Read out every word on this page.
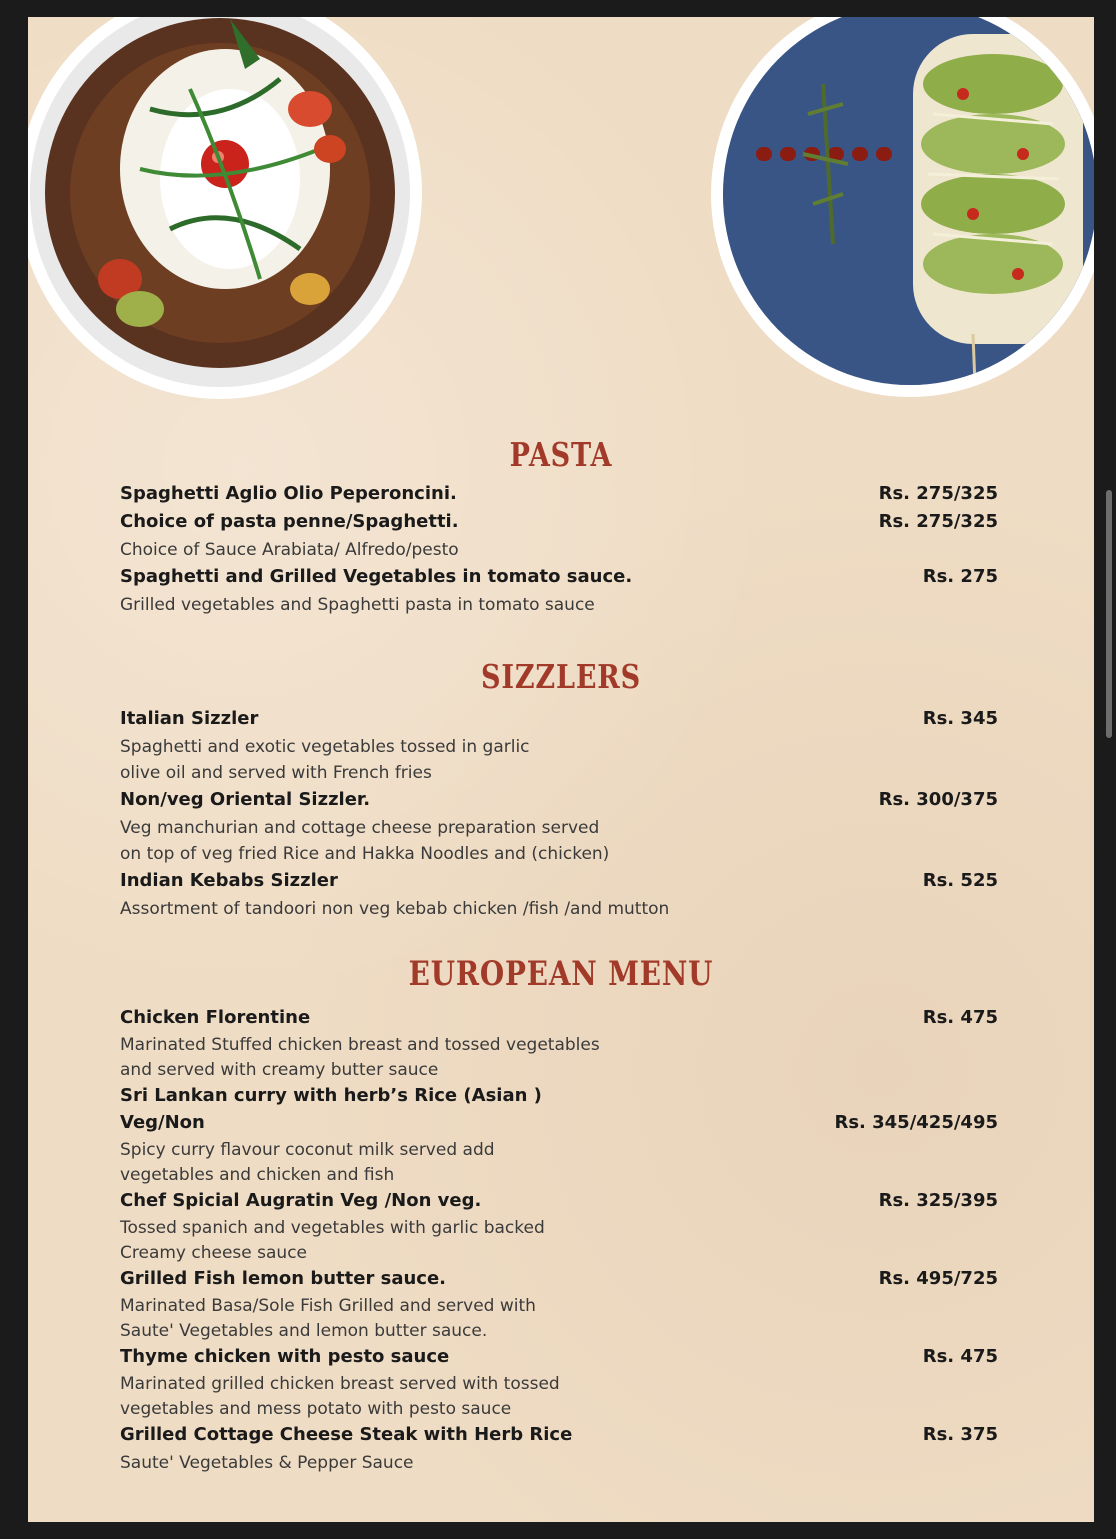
PASTA
Spaghetti Aglio Olio Peperoncini.	Rs. 275/325
Choice of pasta penne/Spaghetti.	Rs. 275/325
Choice of Sauce Arabiata/ Alfredo/pesto
Spaghetti and Grilled Vegetables in tomato sauce.	Rs. 275
Grilled vegetables and Spaghetti pasta in tomato sauce
SIZZLERS
Italian Sizzler	Rs. 345
Spaghetti and exotic vegetables tossed in garlic
olive oil and served with French fries
Non/veg Oriental Sizzler.	Rs. 300/375
Veg manchurian and cottage cheese preparation served
on top of veg fried Rice and Hakka Noodles and (chicken)
Indian Kebabs Sizzler	Rs. 525
Assortment of tandoori non veg kebab chicken /fish /and mutton
EUROPEAN MENU
Chicken Florentine	Rs. 475
Marinated Stuffed chicken breast and tossed vegetables
and served with creamy butter sauce
Sri Lankan curry with herb’s Rice (Asian )
Veg/Non	Rs. 345/425/495
Spicy curry flavour coconut milk served add
vegetables and chicken and fish
Chef Spicial Augratin Veg /Non veg.	Rs. 325/395
Tossed spanich and vegetables with garlic backed
Creamy cheese sauce
Grilled Fish lemon butter sauce.	Rs. 495/725
Marinated Basa/Sole Fish Grilled and served with
Saute' Vegetables and lemon butter sauce.
Thyme chicken with pesto sauce	Rs. 475
Marinated grilled chicken breast served with tossed
vegetables and mess potato with pesto sauce
Grilled Cottage Cheese Steak with Herb Rice	Rs. 375
Saute' Vegetables & Pepper Sauce
